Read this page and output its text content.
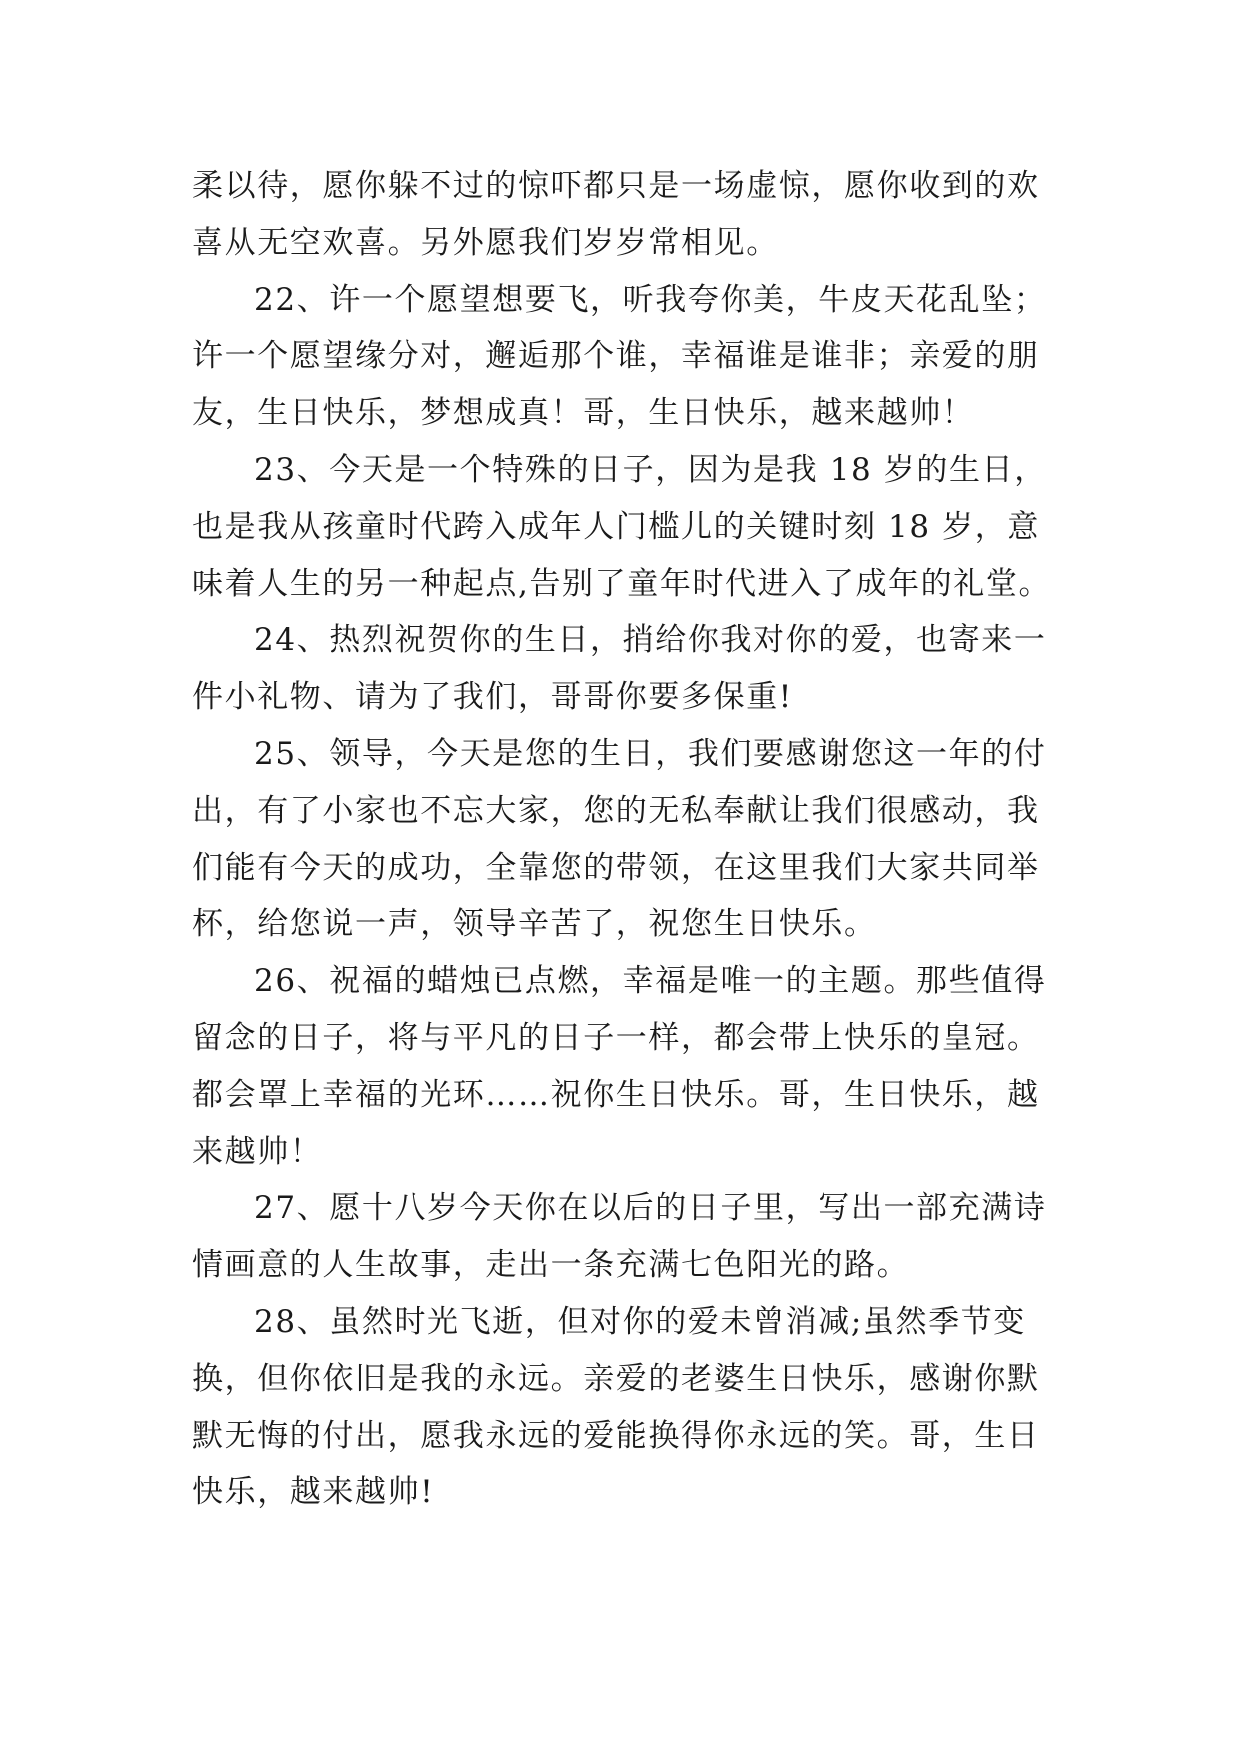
柔以待，愿你躲不过的惊吓都只是一场虚惊，愿你收到的欢
喜从无空欢喜。另外愿我们岁岁常相见。
22、许一个愿望想要飞，听我夸你美，牛皮天花乱坠；
许一个愿望缘分对，邂逅那个谁，幸福谁是谁非；亲爱的朋
友，生日快乐，梦想成真！哥，生日快乐，越来越帅！
23、今天是一个特殊的日子，因为是我 18 岁的生日，
也是我从孩童时代跨入成年人门槛儿的关键时刻 18 岁，意
味着人生的另一种起点,告别了童年时代进入了成年的礼堂。
24、热烈祝贺你的生日，捎给你我对你的爱，也寄来一
件小礼物、请为了我们，哥哥你要多保重!
25、领导，今天是您的生日，我们要感谢您这一年的付
出，有了小家也不忘大家，您的无私奉献让我们很感动，我
们能有今天的成功，全靠您的带领，在这里我们大家共同举
杯，给您说一声，领导辛苦了，祝您生日快乐。
26、祝福的蜡烛已点燃，幸福是唯一的主题。那些值得
留念的日子，将与平凡的日子一样，都会带上快乐的皇冠。
都会罩上幸福的光环……祝你生日快乐。哥，生日快乐，越
来越帅！
27、愿十八岁今天你在以后的日子里，写出一部充满诗
情画意的人生故事，走出一条充满七色阳光的路。
28、虽然时光飞逝，但对你的爱未曾消减;虽然季节变
换，但你依旧是我的永远。亲爱的老婆生日快乐，感谢你默
默无悔的付出，愿我永远的爱能换得你永远的笑。哥，生日
快乐，越来越帅!
